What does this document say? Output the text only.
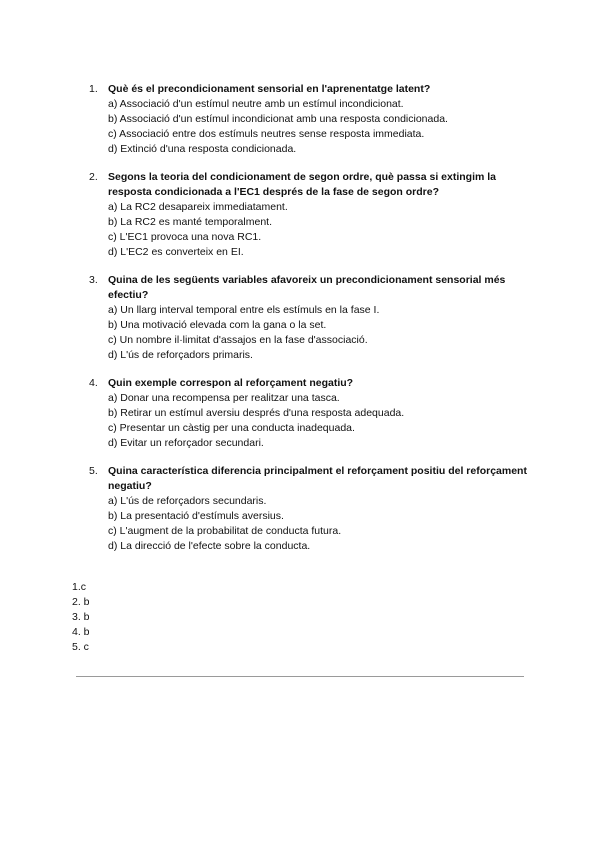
1. Què és el precondicionament sensorial en l'aprenentatge latent?
a) Associació d'un estímul neutre amb un estímul incondicionat.
b) Associació d'un estímul incondicionat amb una resposta condicionada.
c) Associació entre dos estímuls neutres sense resposta immediata.
d) Extinció d'una resposta condicionada.
2. Segons la teoria del condicionament de segon ordre, què passa si extingim la resposta condicionada a l'EC1 després de la fase de segon ordre?
a) La RC2 desapareix immediatament.
b) La RC2 es manté temporalment.
c) L'EC1 provoca una nova RC1.
d) L'EC2 es converteix en EI.
3. Quina de les següents variables afavoreix un precondicionament sensorial més efectiu?
a) Un llarg interval temporal entre els estímuls en la fase I.
b) Una motivació elevada com la gana o la set.
c) Un nombre il·limitat d'assajos en la fase d'associació.
d) L'ús de reforçadors primaris.
4. Quin exemple correspon al reforçament negatiu?
a) Donar una recompensa per realitzar una tasca.
b) Retirar un estímul aversiu després d'una resposta adequada.
c) Presentar un càstig per una conducta inadequada.
d) Evitar un reforçador secundari.
5. Quina característica diferencia principalment el reforçament positiu del reforçament negatiu?
a) L'ús de reforçadors secundaris.
b) La presentació d'estímuls aversius.
c) L'augment de la probabilitat de conducta futura.
d) La direcció de l'efecte sobre la conducta.
1.c
2. b
3. b
4. b
5. c
